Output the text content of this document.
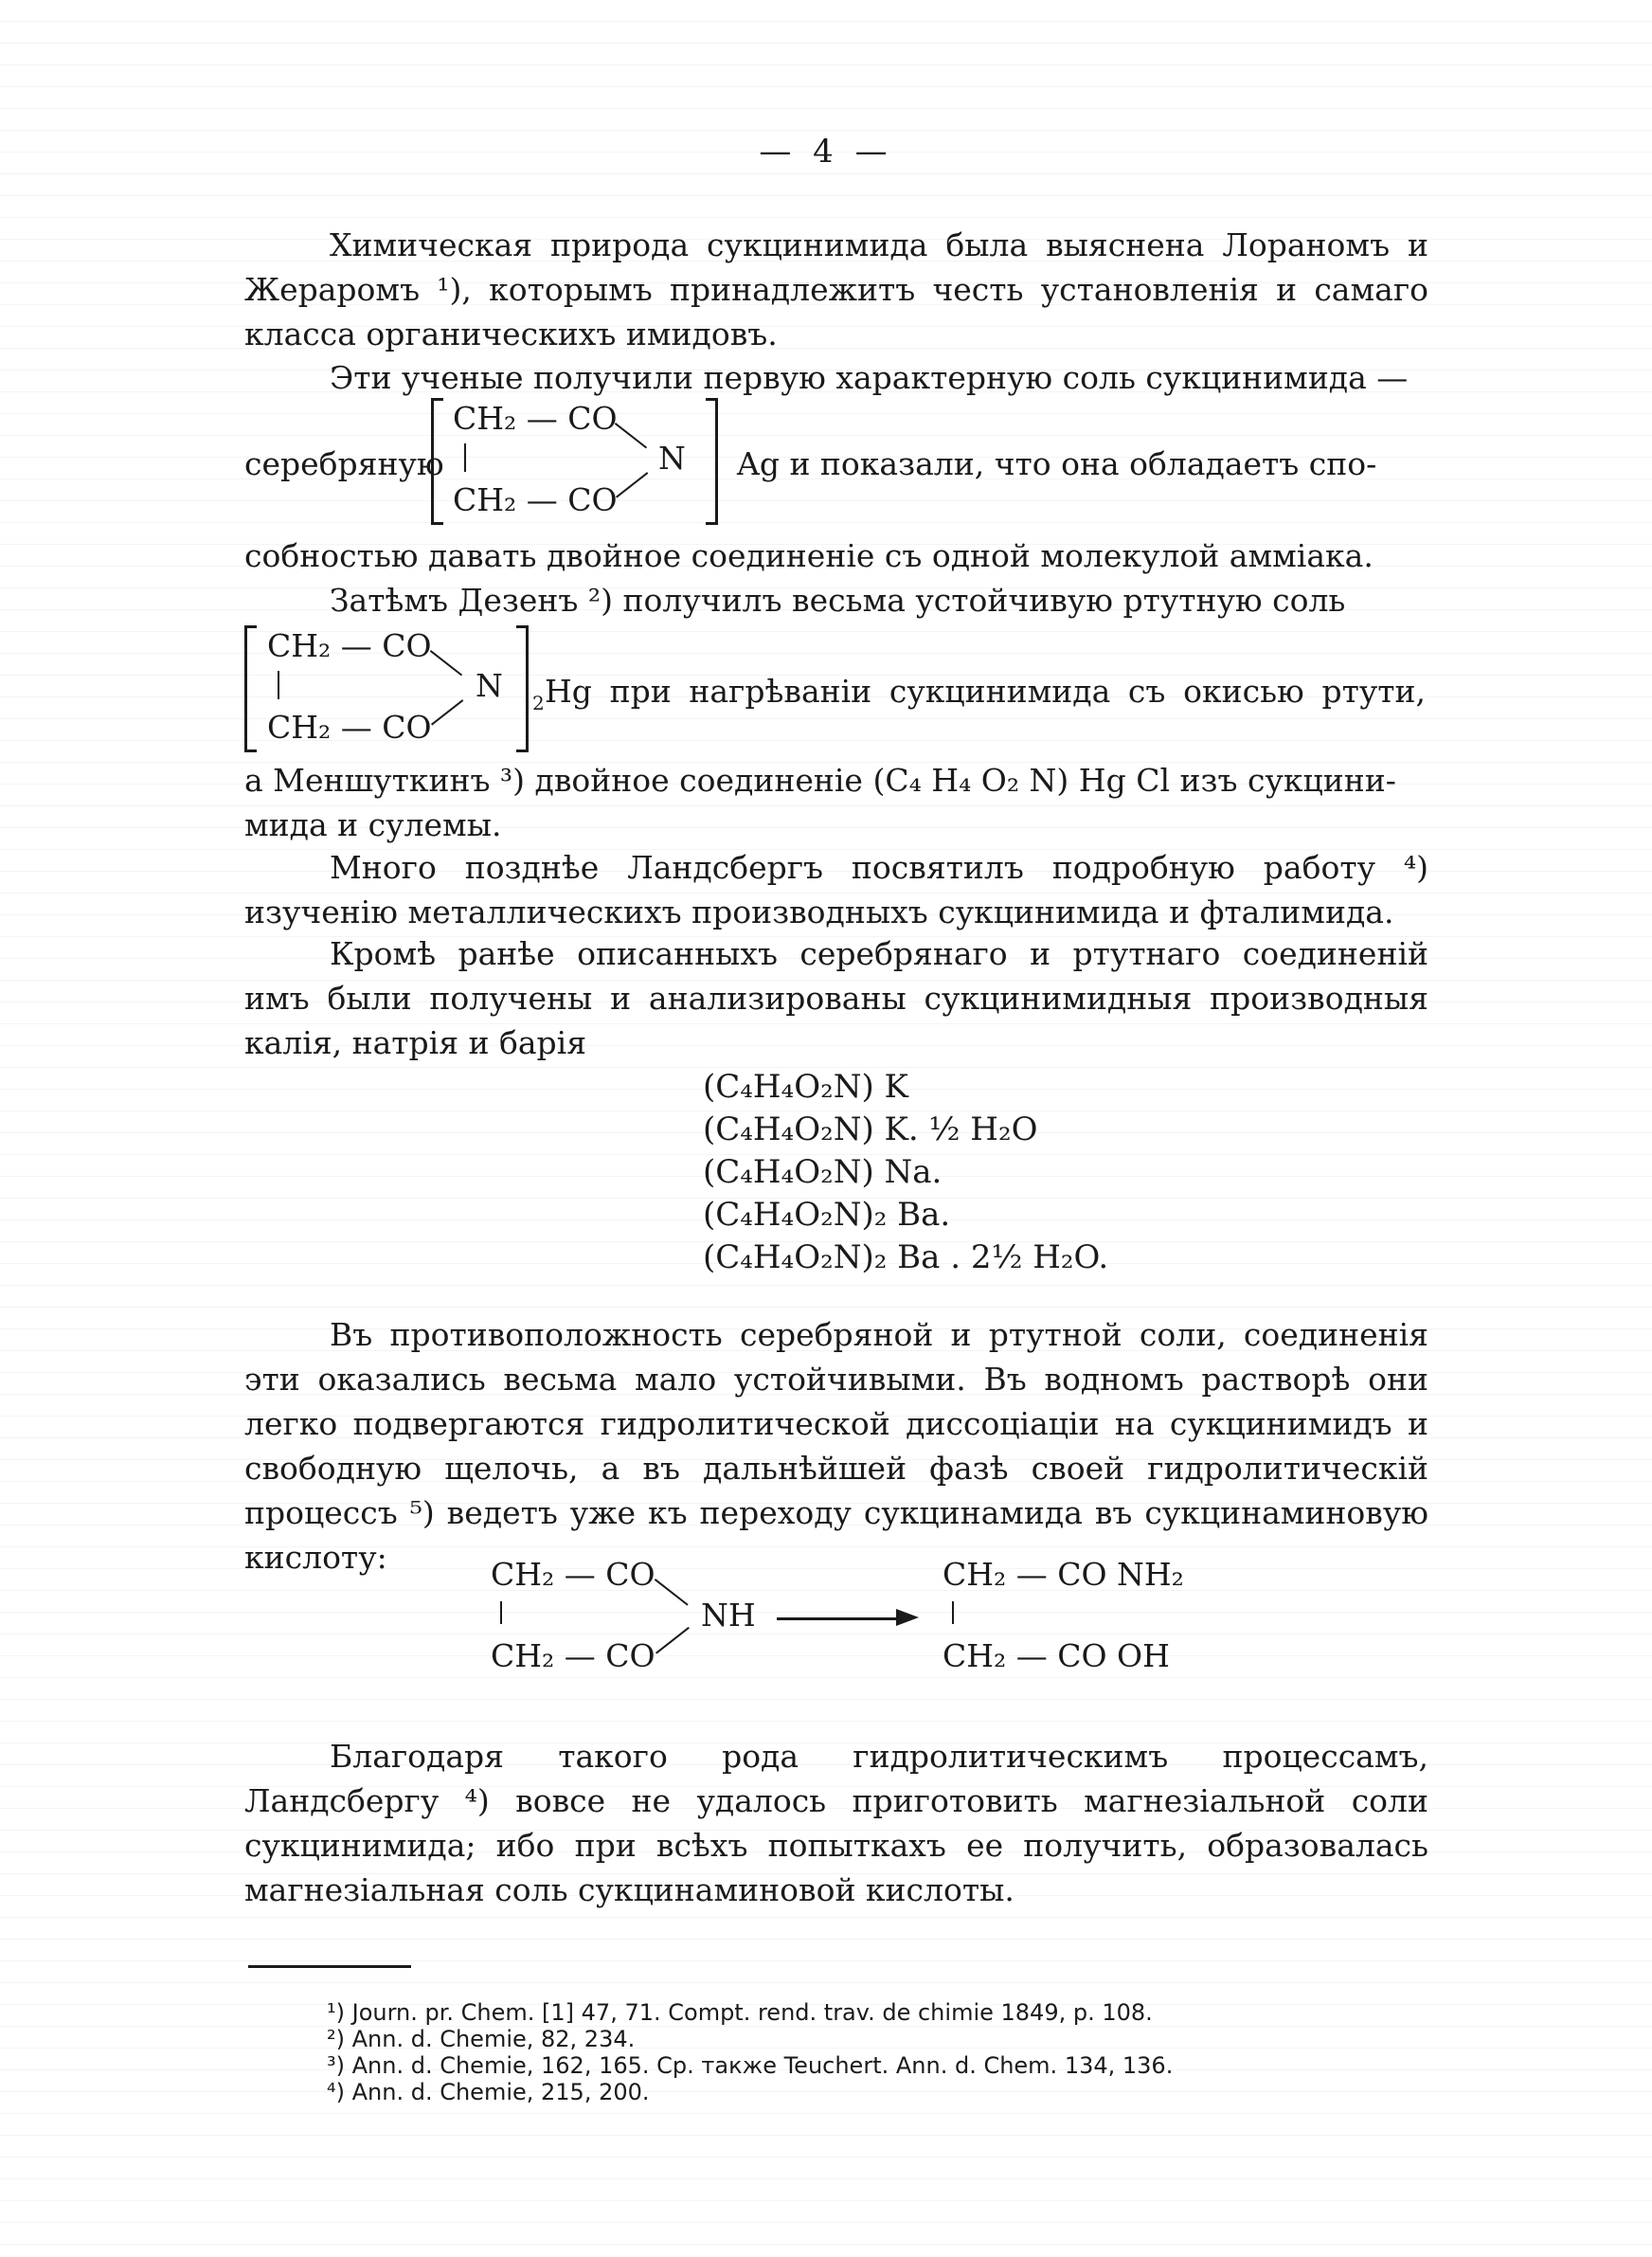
— 4 —

Химическая природа сукцинимида была выяснена Лораномъ и Жераромъ ¹), которымъ принадлежитъ честь установленія и самаго класса органическихъ имидовъ.

Эти ученые получили первую характерную соль сукцинимида —
серебряную
CH₂ — CO
CH₂ — CO
N Ag и показали, что она обладаетъ спо-
собностью давать двойное соединеніе съ одной молекулой амміака.
Затѣмъ Дезенъ ²) получилъ весьма устойчивую ртутную соль
CH₂ — CO
CH₂ — CO
N 2 Hg при нагрѣваніи сукцинимида съ окисью ртути,
а Меншуткинъ ³) двойное соединеніе (C₄ H₄ O₂ N) Hg Cl изъ сукцини-
мида и сулемы.

Много позднѣе Ландсбергъ посвятилъ подробную работу ⁴) изученію металлическихъ производныхъ сукцинимида и фталимида.

Кромѣ ранѣе описанныхъ серебрянаго и ртутнаго соединеній имъ были получены и анализированы сукцинимидныя производныя калія, натрія и барія

(C₄H₄O₂N) K
(C₄H₄O₂N) K. ½ H₂O
(C₄H₄O₂N) Na.
(C₄H₄O₂N)₂ Ba.
(C₄H₄O₂N)₂ Ba . 2½ H₂O.

Въ противоположность серебряной и ртутной соли, соединенія эти оказались весьма мало устойчивыми. Въ водномъ растворѣ они легко подвергаются гидролитической диссоціаціи на сукцинимидъ и свободную щелочь, а въ дальнѣйшей фазѣ своей гидролитическій процессъ ⁵) ведетъ уже къ переходу сукцинамида въ сукцинаминовую кислоту:	CH₂ — CO
CH₂ — CO
NH
CH₂ — CO NH₂
CH₂ — CO OH

Благодаря такого рода гидролитическимъ процессамъ, Ландсбергу ⁴) вовсе не удалось приготовить магнезіальной соли сукцинимида; ибо при всѣхъ попыткахъ ее получить, образовалась магнезіальная соль сукцинаминовой кислоты.

¹) Journ. pr. Chem. [1] 47, 71. Compt. rend. trav. de chimie 1849, p. 108.
²) Ann. d. Chemie, 82, 234.
³) Ann. d. Chemie, 162, 165. Ср. также Teuchert. Ann. d. Chem. 134, 136.
⁴) Ann. d. Chemie, 215, 200.
